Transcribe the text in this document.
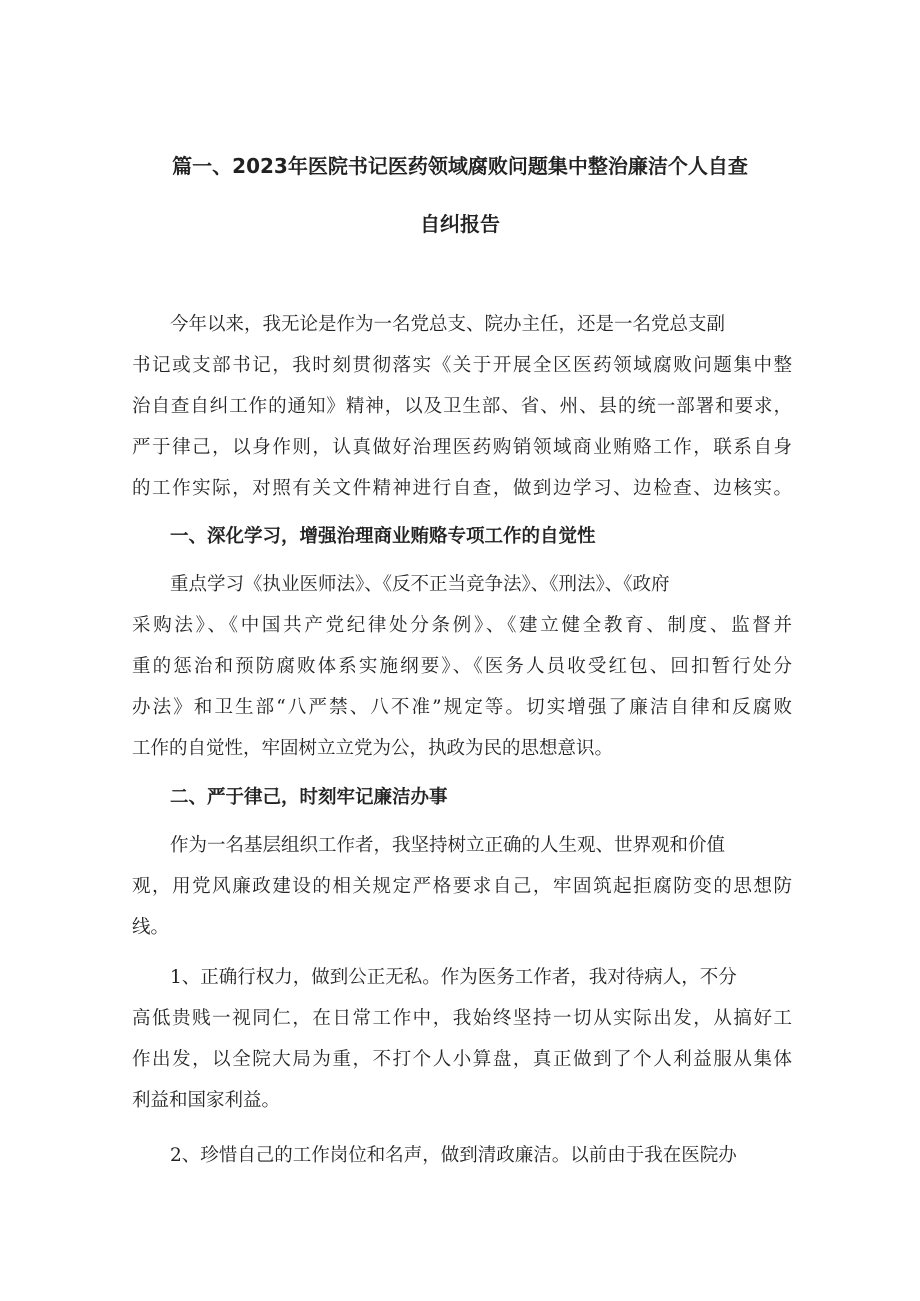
篇一、2023年医院书记医药领域腐败问题集中整治廉洁个人自查
自纠报告
今年以来，我无论是作为一名党总支、院办主任，还是一名党总支副
书记或支部书记，我时刻贯彻落实《关于开展全区医药领域腐败问题集中整
治自查自纠工作的通知》精神，以及卫生部、省、州、县的统一部署和要求，
严于律己，以身作则，认真做好治理医药购销领域商业贿赂工作，联系自身
的工作实际，对照有关文件精神进行自查，做到边学习、边检查、边核实。
一、深化学习，增强治理商业贿赂专项工作的自觉性
重点学习《执业医师法》、《反不正当竞争法》、《刑法》、《政府
采购法》、《中国共产党纪律处分条例》、《建立健全教育、制度、监督并
重的惩治和预防腐败体系实施纲要》、《医务人员收受红包、回扣暂行处分
办法》和卫生部“八严禁、八不准”规定等。切实增强了廉洁自律和反腐败
工作的自觉性，牢固树立立党为公，执政为民的思想意识。
二、严于律己，时刻牢记廉洁办事
作为一名基层组织工作者，我坚持树立正确的人生观、世界观和价值
观，用党风廉政建设的相关规定严格要求自己，牢固筑起拒腐防变的思想防
线。
1、正确行权力，做到公正无私。作为医务工作者，我对待病人，不分
高低贵贱一视同仁，在日常工作中，我始终坚持一切从实际出发，从搞好工
作出发，以全院大局为重，不打个人小算盘，真正做到了个人利益服从集体
利益和国家利益。
2、珍惜自己的工作岗位和名声，做到清政廉洁。以前由于我在医院办
